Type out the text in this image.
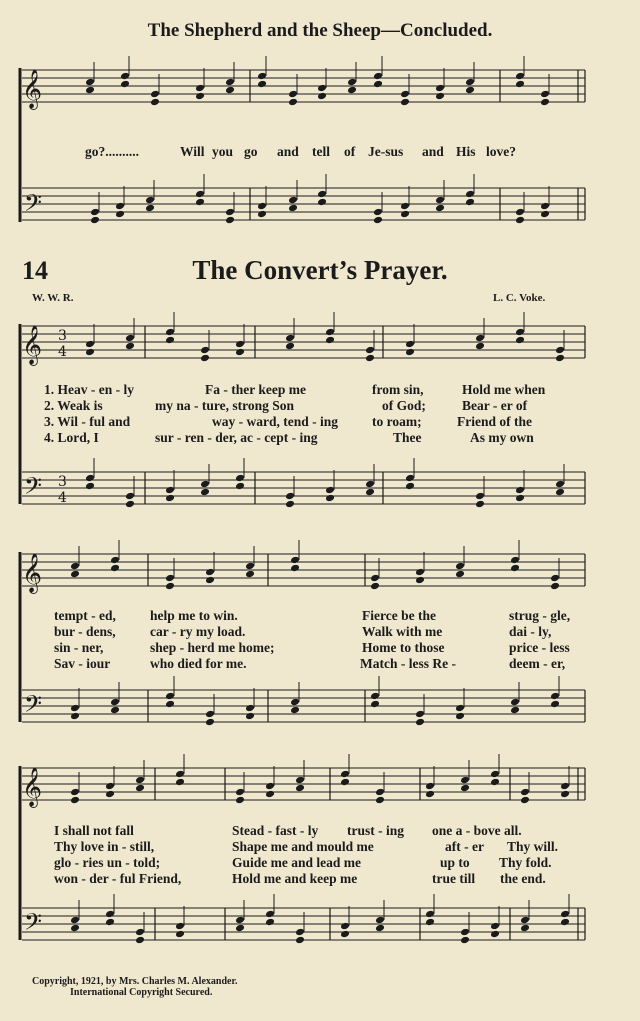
The Shepherd and the Sheep—Concluded.
𝄞
𝄢
𝄞
𝄢
3
4
3
4
𝄞
𝄢
𝄞
𝄢
go?..........	Will you go and tell of Je-sus and His love?
14	The Convert’s Prayer.
W. W. R.	L. C. Voke.
1. Heav - en - ly	Fa - ther keep me	from sin,	Hold me when
2. Weak is	my na - ture, strong Son	of God;	Bear - er of
3. Wil - ful and	way - ward, tend - ing	to roam;	Friend of the
4. Lord, I	sur - ren - der, ac - cept - ing	Thee	As my own
tempt - ed,	help me to win.	Fierce be the	strug - gle,
bur - dens,	car - ry my load.	Walk with me	dai - ly,
sin - ner,	shep - herd me home;	Home to those	price - less
Sav - iour	who died for me.	Match - less Re -	deem - er,
I shall not fall	Stead - fast - ly trust - ing one a - bove all.
Thy love in - still,	Shape me and mould me	aft - er Thy will.
glo - ries un - told;	Guide me and lead me	up to Thy fold.
won - der - ful Friend,	Hold me and keep me	true till the end.
Copyright, 1921, by Mrs. Charles M. Alexander.
International Copyright Secured.
